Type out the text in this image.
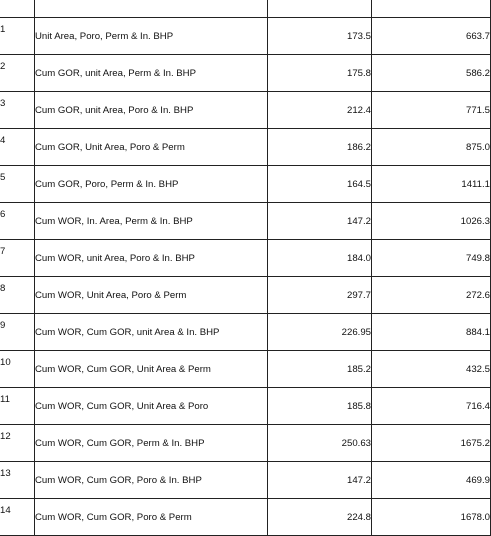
1	Unit Area, Poro, Perm & In. BHP	173.5	663.7
2	Cum GOR, unit Area, Perm & In. BHP	175.8	586.2
3	Cum GOR, unit Area, Poro & In. BHP	212.4	771.5
4	Cum GOR, Unit Area, Poro & Perm	186.2	875.0
5	Cum GOR, Poro, Perm & In. BHP	164.5	1411.1
6	Cum WOR, In. Area, Perm & In. BHP	147.2	1026.3
7	Cum WOR, unit Area, Poro & In. BHP	184.0	749.8
8	Cum WOR, Unit Area, Poro & Perm	297.7	272.6
9	Cum WOR, Cum GOR, unit Area & In. BHP	226.95	884.1
10	Cum WOR, Cum GOR, Unit Area & Perm	185.2	432.5
11	Cum WOR, Cum GOR, Unit Area & Poro	185.8	716.4
12	Cum WOR, Cum GOR, Perm & In. BHP	250.63	1675.2
13	Cum WOR, Cum GOR, Poro & In. BHP	147.2	469.9
14	Cum WOR, Cum GOR, Poro & Perm	224.8	1678.0
